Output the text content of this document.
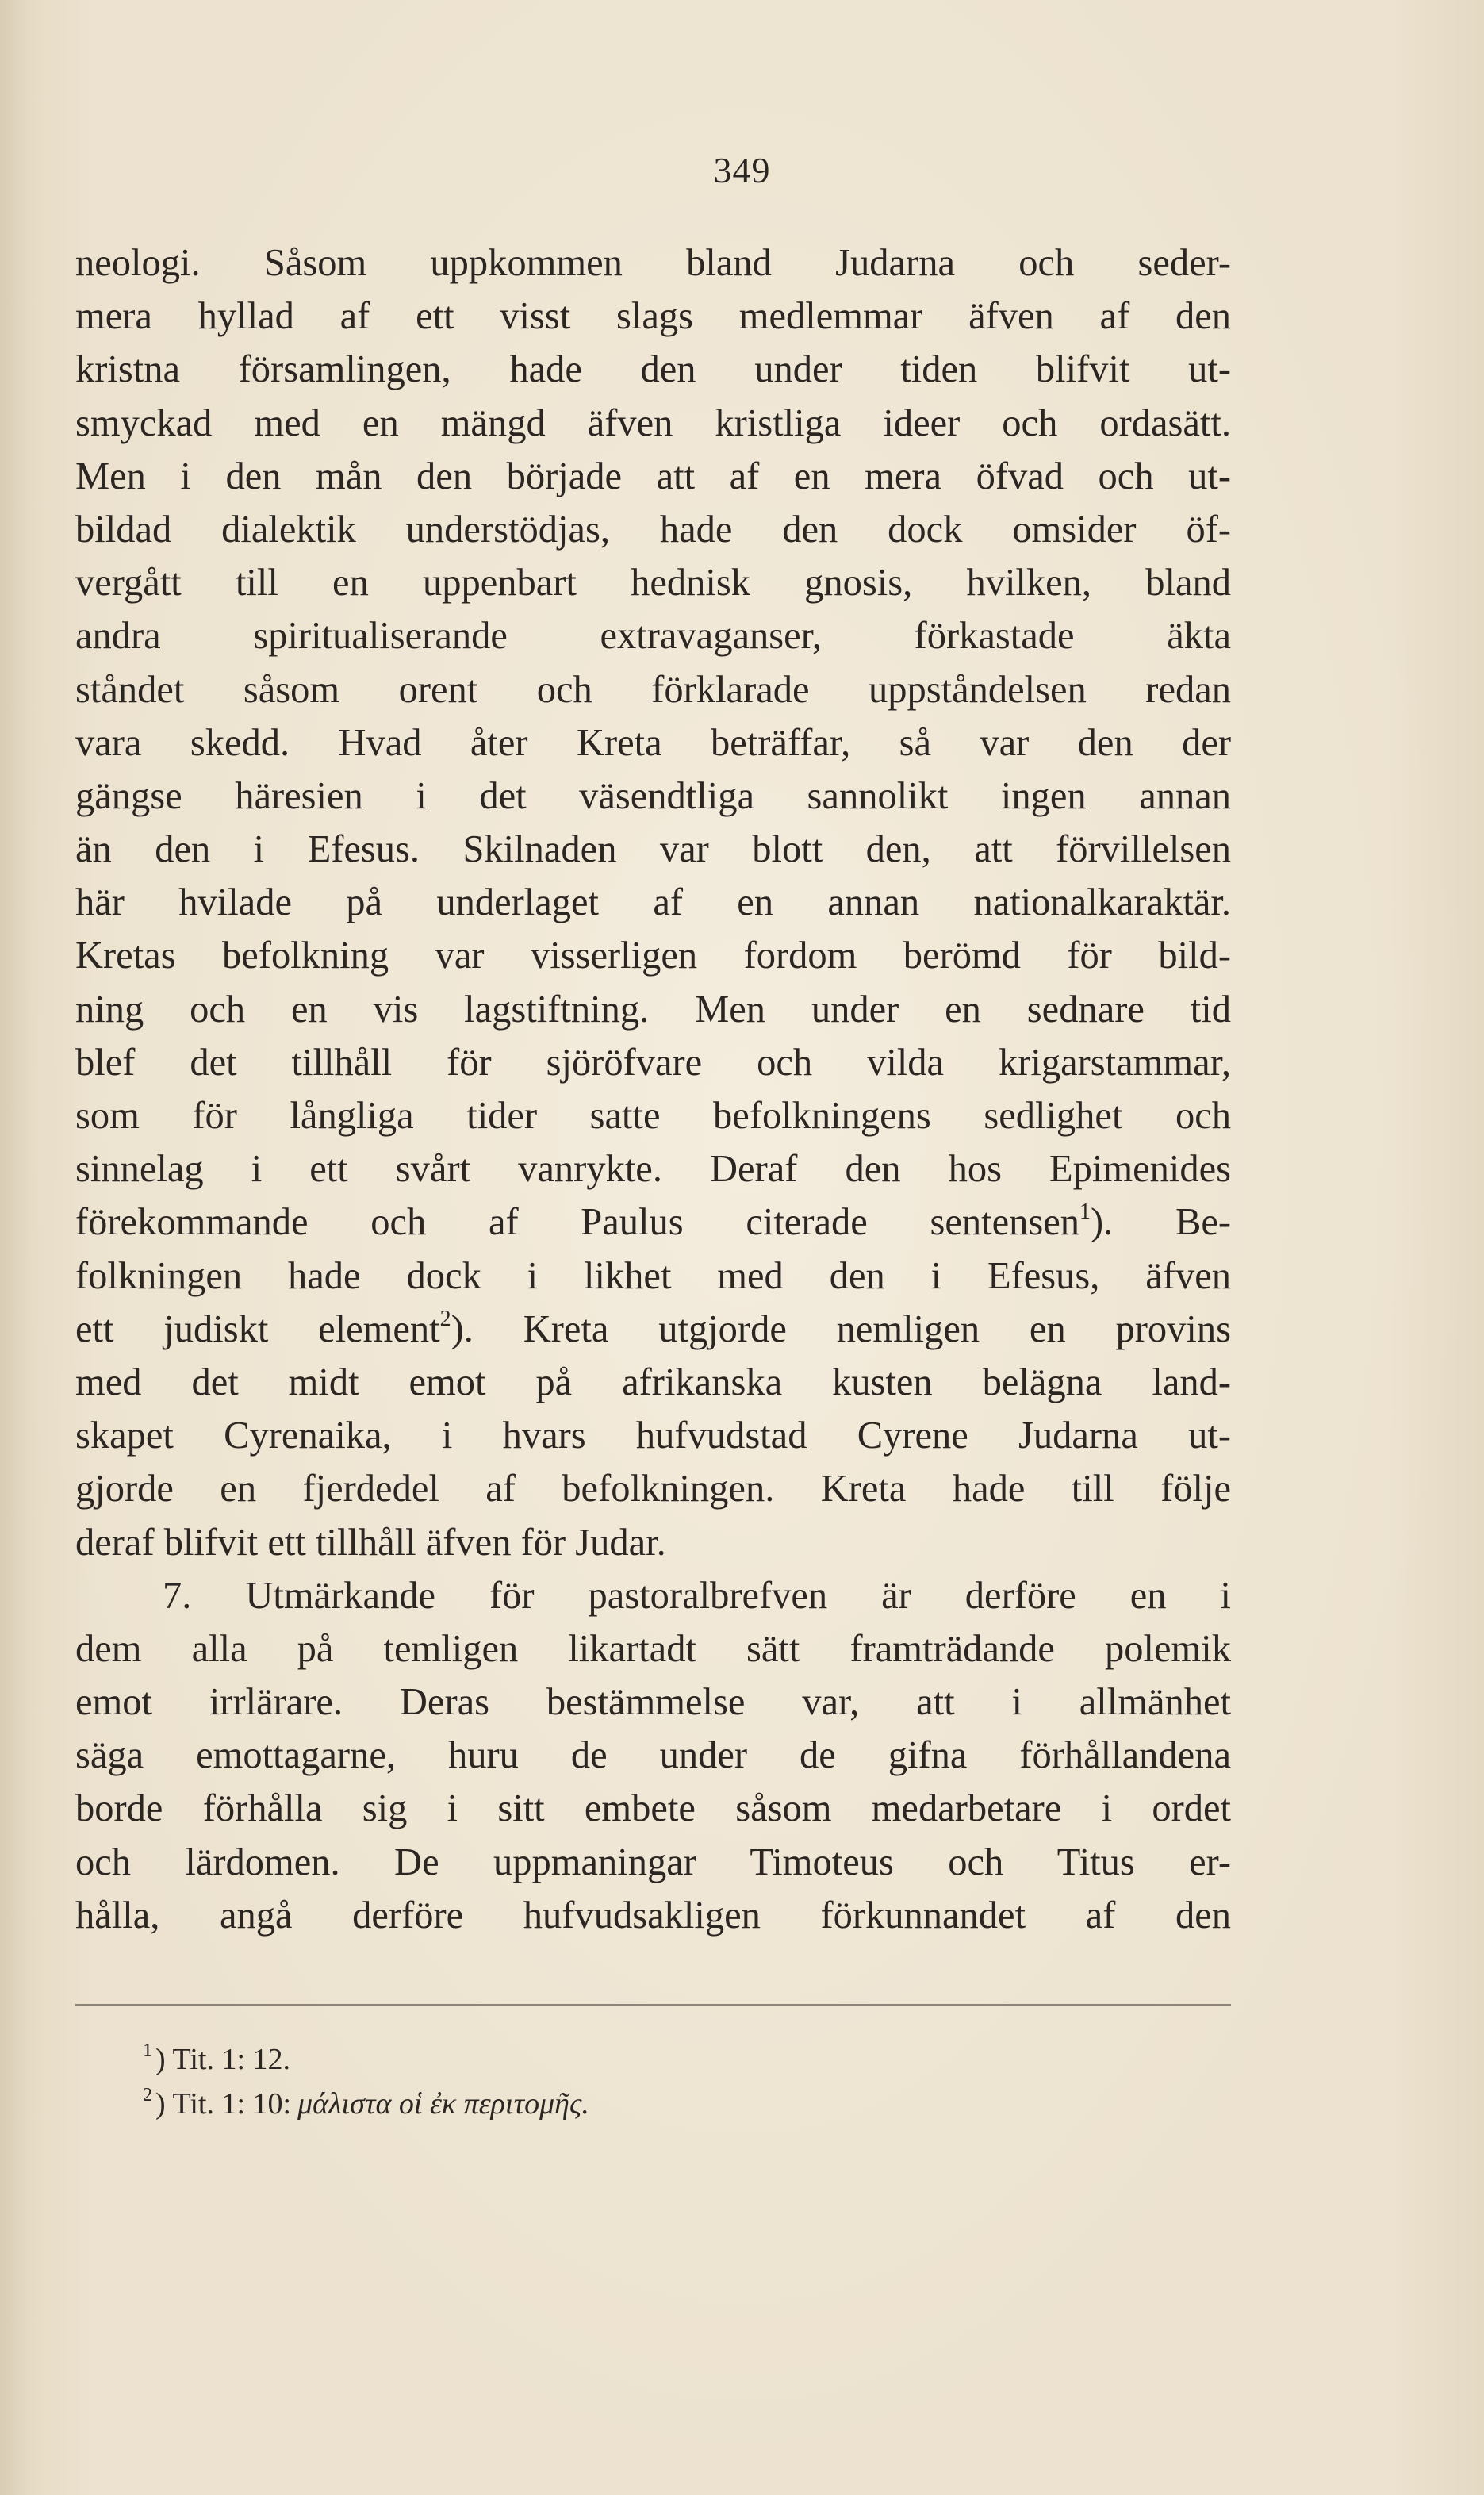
349
neologi. Såsom uppkommen bland Judarna och seder-
mera hyllad af ett visst slags medlemmar äfven af den
kristna församlingen, hade den under tiden blifvit ut-
smyckad med en mängd äfven kristliga ideer och ordasätt.
Men i den mån den började att af en mera öfvad och ut-
bildad dialektik understödjas, hade den dock omsider öf-
vergått till en uppenbart hednisk gnosis, hvilken, bland
andra spiritualiserande extravaganser, förkastade äkta
ståndet såsom orent och förklarade uppståndelsen redan
vara skedd. Hvad åter Kreta beträffar, så var den der
gängse häresien i det väsendtliga sannolikt ingen annan
än den i Efesus. Skilnaden var blott den, att förvillelsen
här hvilade på underlaget af en annan nationalkaraktär.
Kretas befolkning var visserligen fordom berömd för bild-
ning och en vis lagstiftning. Men under en sednare tid
blef det tillhåll för sjöröfvare och vilda krigarstammar,
som för långliga tider satte befolkningens sedlighet och
sinnelag i ett svårt vanrykte. Deraf den hos Epimenides
förekommande och af Paulus citerade sentensen$^1$). Be-
folkningen hade dock i likhet med den i Efesus, äfven
ett judiskt element$^2$). Kreta utgjorde nemligen en provins
med det midt emot på afrikanska kusten belägna land-
skapet Cyrenaika, i hvars hufvudstad Cyrene Judarna ut-
gjorde en fjerdedel af befolkningen. Kreta hade till följe
deraf blifvit ett tillhåll äfven för Judar.
7. Utmärkande för pastoralbrefven är derföre en i
dem alla på temligen likartadt sätt framträdande polemik
emot irrlärare. Deras bestämmelse var, att i allmänhet
säga emottagarne, huru de under de gifna förhållandena
borde förhålla sig i sitt embete såsom medarbetare i ordet
och lärdomen. De uppmaningar Timoteus och Titus er-
hålla, angå derföre hufvudsakligen förkunnandet af den
$^1$ ) Tit. 1: 12.
$^2$ ) Tit. 1: 10: μάλιστα οἱ ἐκ περιτομῆς.
